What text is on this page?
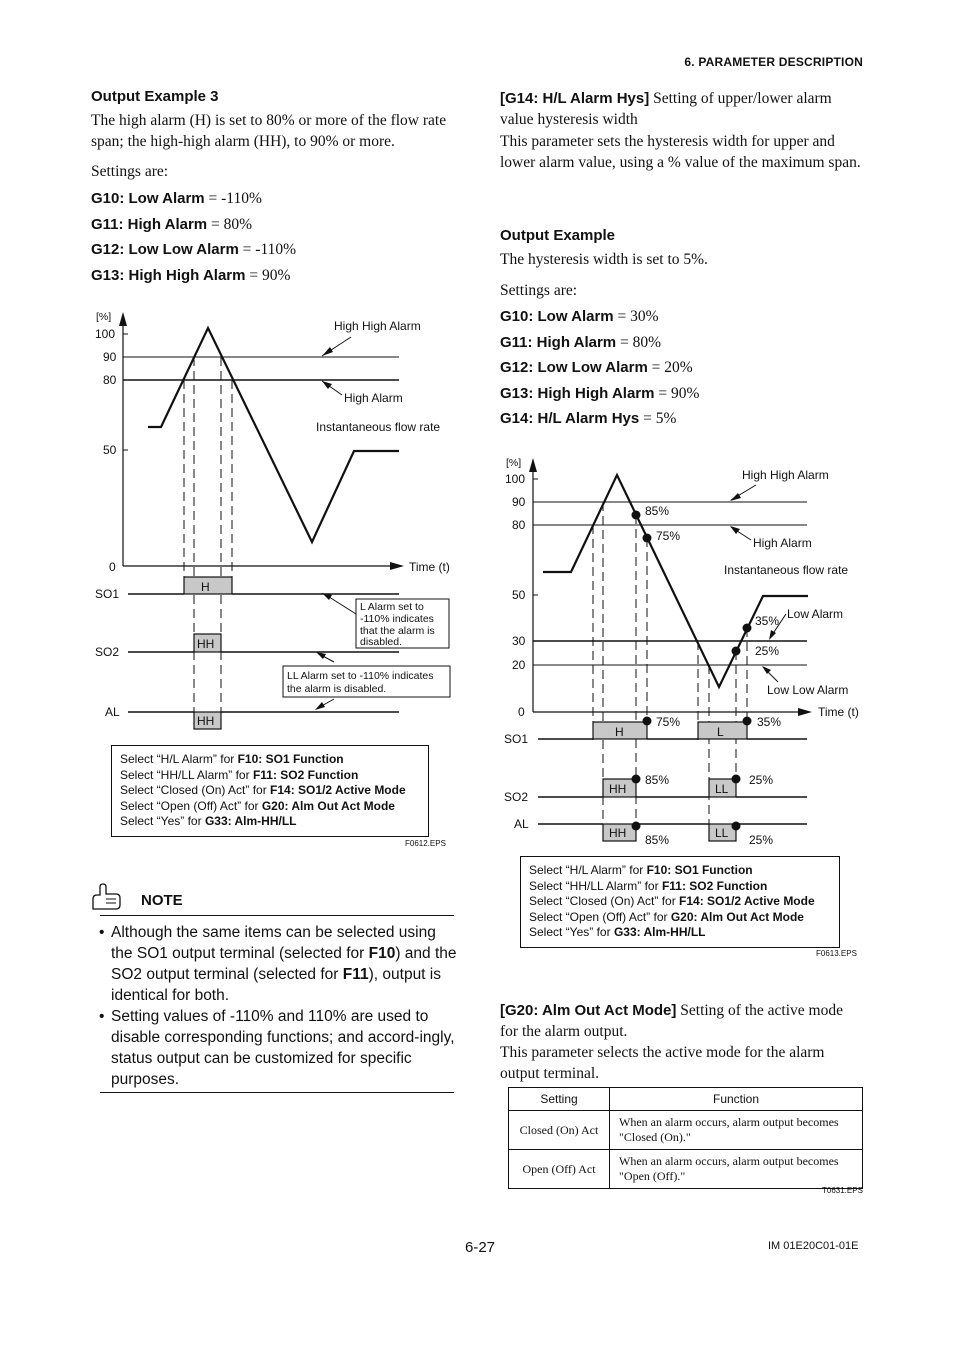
6. PARAMETER DESCRIPTION
Output Example 3
The high alarm (H) is set to 80% or more of the flow rate span; the high-high alarm (HH), to 90% or more.
Settings are:
G10: Low Alarm = -110%
G11: High Alarm = 80%
G12: Low Low Alarm = -110%
G13: High High Alarm = 90%
[%]
100
90
80
50
0	Time (t)
High High Alarm
High Alarm
Instantaneous flow rate
SO1	H
SO2
HH
AL
HH
L Alarm set to
-110% indicates
that the alarm is
disabled.
LL Alarm set to -110% indicates
the alarm is disabled.
F0612.EPS
Select “H/L Alarm” for F10: SO1 Function
Select “HH/LL Alarm” for F11: SO2 Function
Select “Closed (On) Act” for F14: SO1/2 Active Mode
Select “Open (Off) Act” for G20: Alm Out Act Mode
Select “Yes” for G33: Alm-HH/LL
NOTE
• Although the same items can be selected using the SO1 output terminal (selected for F10) and the SO2 output terminal (selected for F11), output is identical for both.
• Setting values of -110% and 110% are used to disable corresponding functions; and accord-ingly, status output can be customized for specific purposes.
[G14: H/L Alarm Hys] Setting of upper/lower alarm value hysteresis width
This parameter sets the hysteresis width for upper and lower alarm value, using a % value of the maximum span.
Output Example
The hysteresis width is set to 5%.
Settings are:
G10: Low Alarm = 30%
G11: High Alarm = 80%
G12: Low Low Alarm = 20%
G13: High High Alarm = 90%
G14: H/L Alarm Hys = 5%
[%]
100
90
80
50
30
20
0	Time (t)
85%
75%
35%
25%
High High Alarm
High Alarm
Instantaneous flow rate
Low Alarm
Low Low Alarm
SO1	H
75%
L
35%
SO2
HH
85%
LL
25%
AL
HH 85%	LL 25%
F0613.EPS
Select “H/L Alarm” for F10: SO1 Function
Select “HH/LL Alarm” for F11: SO2 Function
Select “Closed (On) Act” for F14: SO1/2 Active Mode
Select “Open (Off) Act” for G20: Alm Out Act Mode
Select “Yes” for G33: Alm-HH/LL
[G20: Alm Out Act Mode] Setting of the active mode for the alarm output.
This parameter selects the active mode for the alarm output terminal.
Setting	Function
Closed (On) Act	When an alarm occurs, alarm output becomes "Closed (On)."
Open (Off) Act	When an alarm occurs, alarm output becomes "Open (Off)."
T0631.EPS
6-27	IM 01E20C01-01E
